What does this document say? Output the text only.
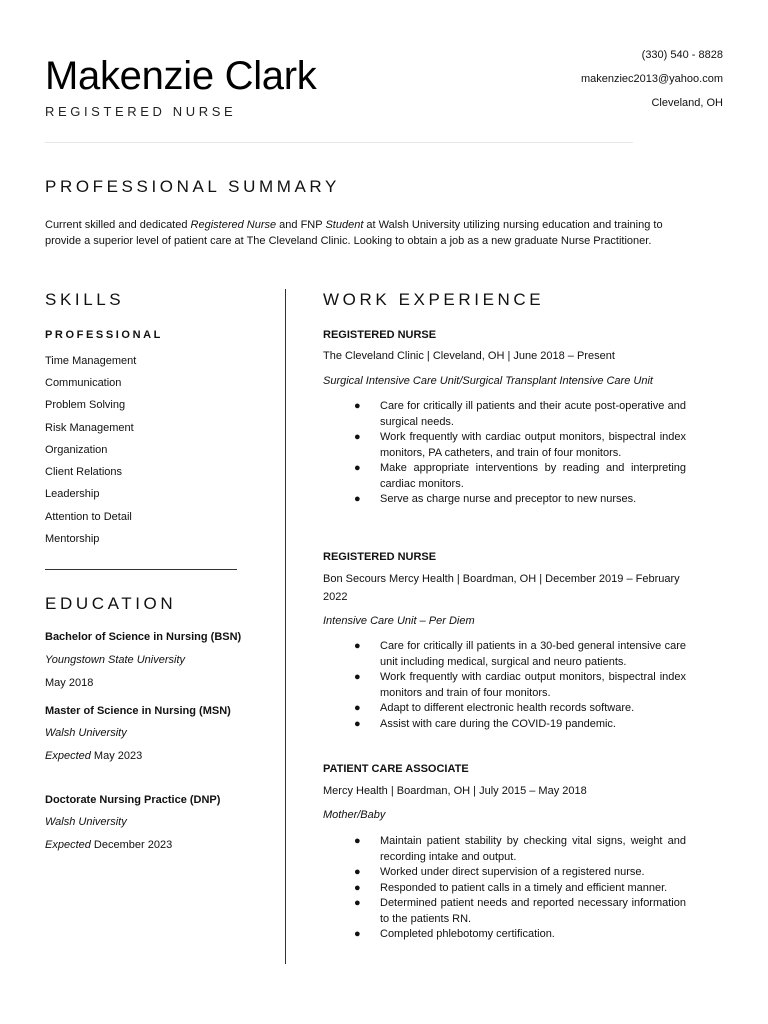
Makenzie Clark
REGISTERED NURSE
(330) 540 - 8828
makenziec2013@yahoo.com
Cleveland, OH
PROFESSIONAL SUMMARY
Current skilled and dedicated Registered Nurse and FNP Student at Walsh University utilizing nursing education and training to provide a superior level of patient care at The Cleveland Clinic. Looking to obtain a job as a new graduate Nurse Practitioner.
SKILLS
PROFESSIONAL
Time Management
Communication
Problem Solving
Risk Management
Organization
Client Relations
Leadership
Attention to Detail
Mentorship
EDUCATION
Bachelor of Science in Nursing (BSN)
Youngstown State University
May 2018
Master of Science in Nursing (MSN)
Walsh University
Expected May 2023
Doctorate Nursing Practice (DNP)
Walsh University
Expected December 2023
WORK EXPERIENCE
REGISTERED NURSE
The Cleveland Clinic | Cleveland, OH | June 2018 – Present
Surgical Intensive Care Unit/Surgical Transplant Intensive Care Unit
● Care for critically ill patients and their acute post-operative and surgical needs.
● Work frequently with cardiac output monitors, bispectral index monitors, PA catheters, and train of four monitors.
● Make appropriate interventions by reading and interpreting cardiac monitors.
● Serve as charge nurse and preceptor to new nurses.
REGISTERED NURSE
Bon Secours Mercy Health | Boardman, OH | December 2019 – February 2022
Intensive Care Unit – Per Diem
● Care for critically ill patients in a 30-bed general intensive care unit including medical, surgical and neuro patients.
● Work frequently with cardiac output monitors, bispectral index monitors and train of four monitors.
● Adapt to different electronic health records software.
● Assist with care during the COVID-19 pandemic.
PATIENT CARE ASSOCIATE
Mercy Health | Boardman, OH | July 2015 – May 2018
Mother/Baby
● Maintain patient stability by checking vital signs, weight and recording intake and output.
● Worked under direct supervision of a registered nurse.
● Responded to patient calls in a timely and efficient manner.
● Determined patient needs and reported necessary information to the patients RN.
● Completed phlebotomy certification.
